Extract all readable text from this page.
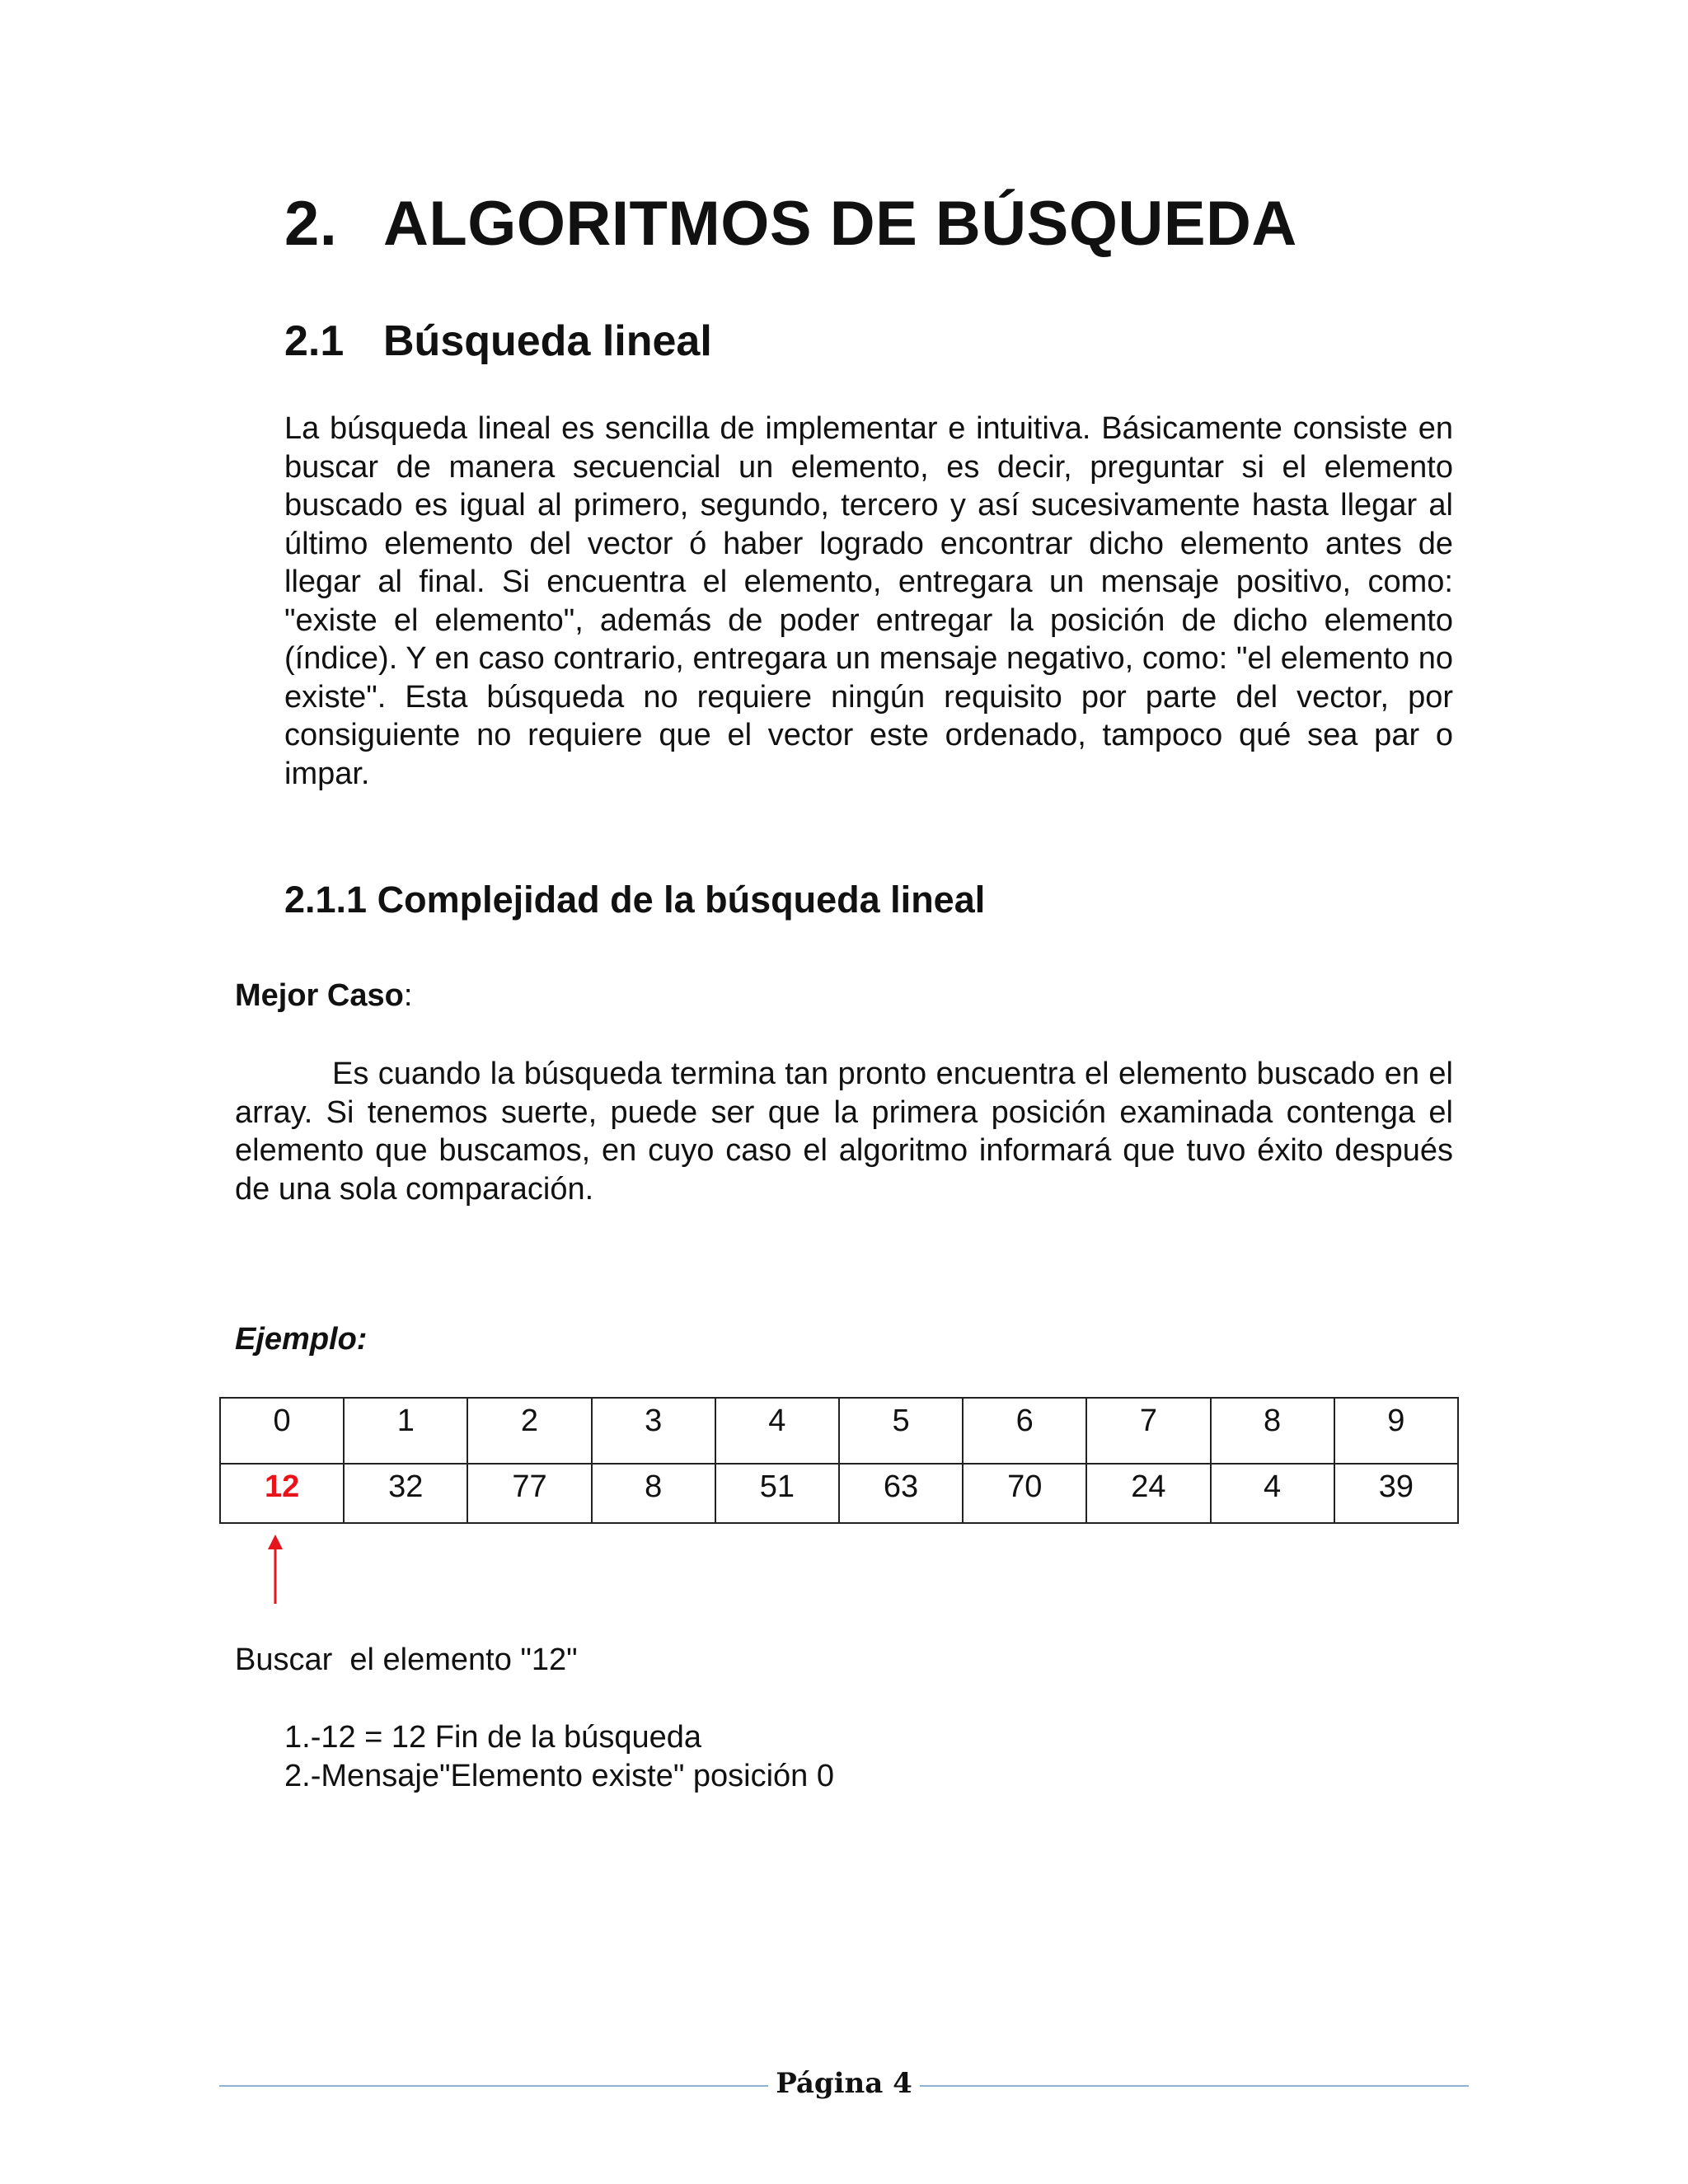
2. ALGORITMOS DE BÚSQUEDA
2.1 Búsqueda lineal

La búsqueda lineal es sencilla de implementar e intuitiva. Básicamente consiste en buscar de manera secuencial un elemento, es decir, preguntar si el elemento buscado es igual al primero, segundo, tercero y así sucesivamente hasta llegar al último elemento del vector ó haber logrado encontrar dicho elemento antes de llegar al final. Si encuentra el elemento, entregara un mensaje positivo, como: "existe el elemento", además de poder entregar la posición de dicho elemento (índice). Y en caso contrario, entregara un mensaje negativo, como: "el elemento no existe". Esta búsqueda no requiere ningún requisito por parte del vector, por consiguiente no requiere que el vector este ordenado, tampoco qué sea par o impar.

2.1.1 Complejidad de la búsqueda lineal
Mejor Caso:

Es cuando la búsqueda termina tan pronto encuentra el elemento buscado en el array. Si tenemos suerte, puede ser que la primera posición examinada contenga el elemento que buscamos, en cuyo caso el algoritmo informará que tuvo éxito después de una sola comparación.

Ejemplo:
0	1	2	3	4	5	6	7	8	9
12	32	77	8	51	63	70	24	4	39
Buscar  el elemento "12"
1.-12 = 12 Fin de la búsqueda
2.-Mensaje"Elemento existe" posición 0
Página 4
